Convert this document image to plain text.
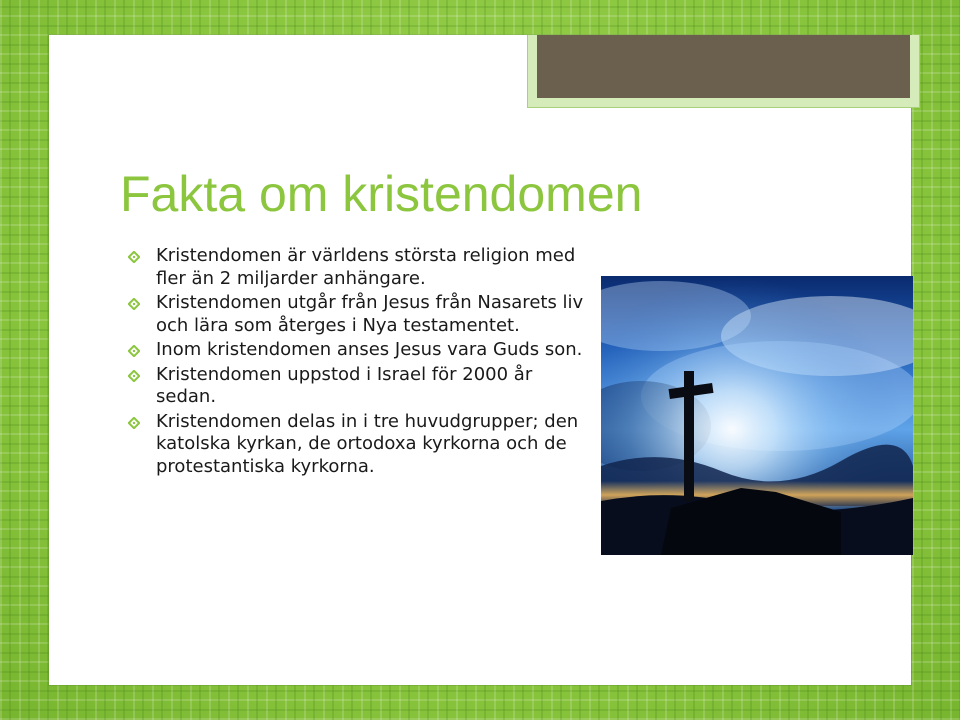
Fakta om kristendomen
Kristendomen är världens största religion med fler än 2 miljarder anhängare.
Kristendomen utgår från Jesus från Nasarets liv och lära som återges i Nya testamentet.
Inom kristendomen anses Jesus vara Guds son.
Kristendomen uppstod i Israel för 2000 år sedan.
Kristendomen delas in i tre huvudgrupper; den katolska kyrkan, de ortodoxa kyrkorna och de protestantiska kyrkorna.
